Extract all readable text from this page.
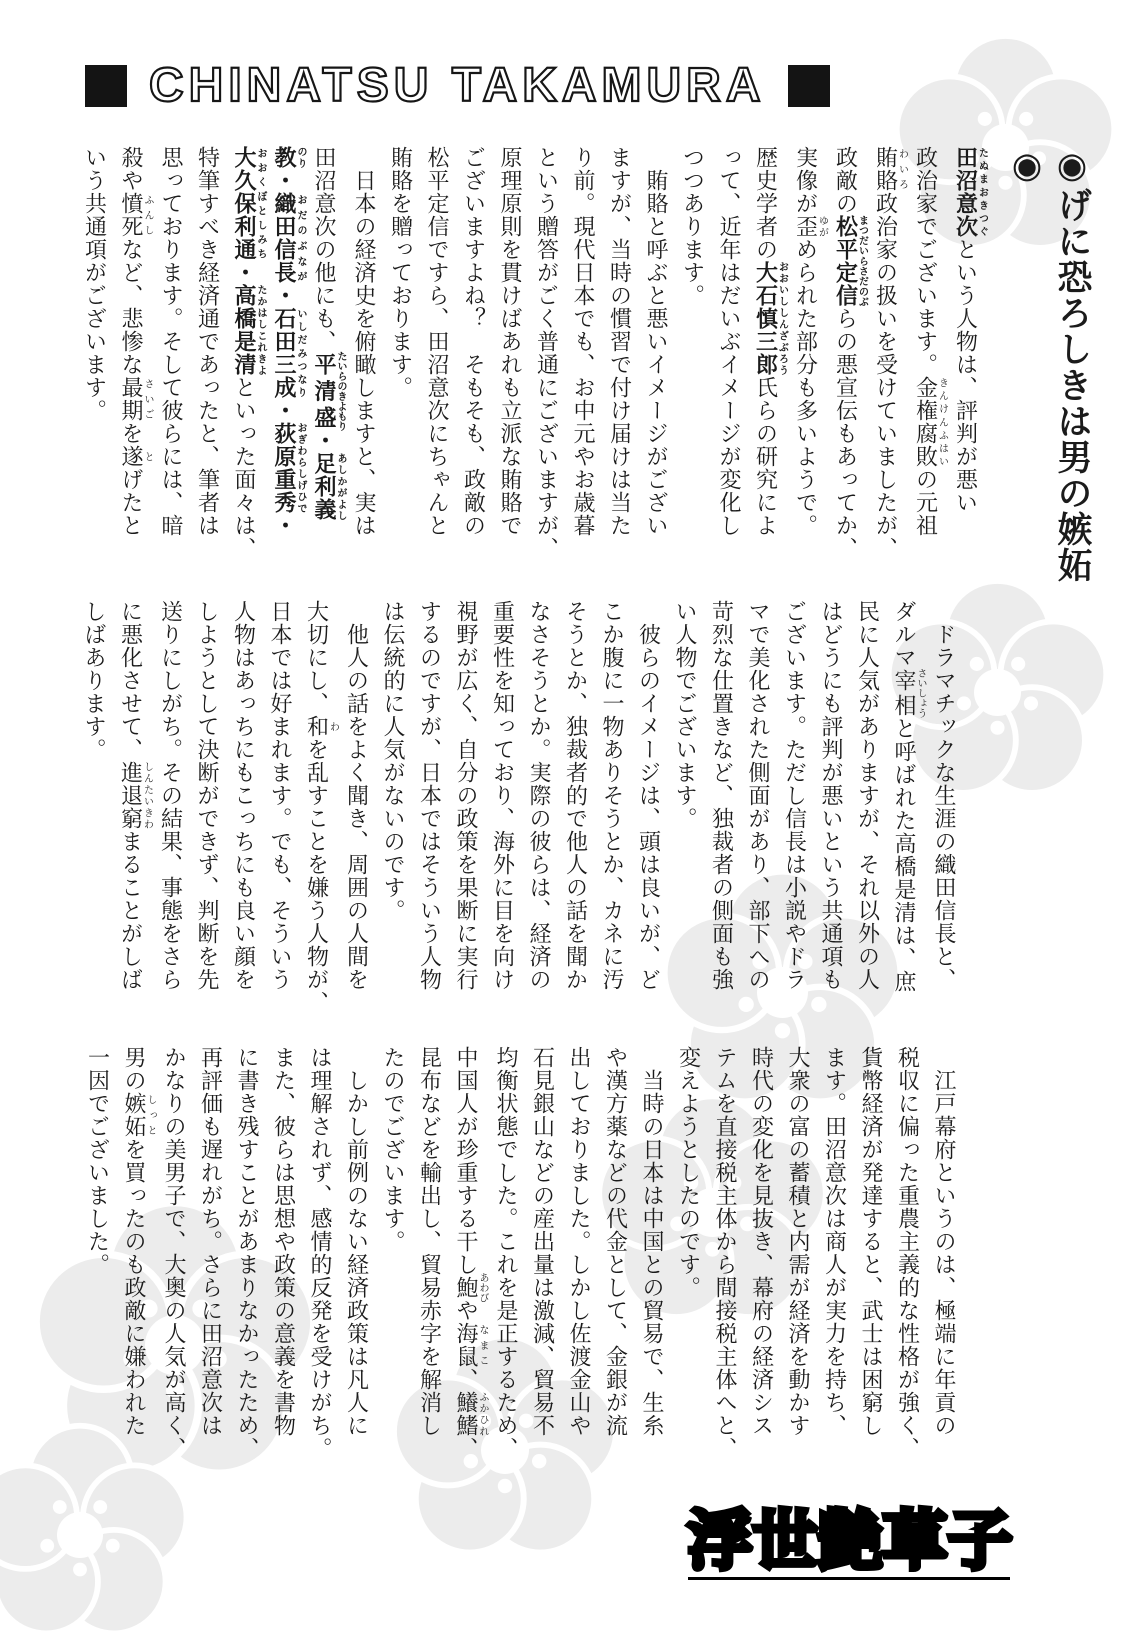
CHINATSU TAKAMURA
◉げに恐ろしきは男の嫉妬◉
田沼意次たぬまおきつぐという人物は、評判が悪い
政治家でございます。金権腐敗きんけんふはいの元祖
賄賂わいろ政治家の扱いを受けていましたが、
政敵の松平定信まつだいらさだのぶらの悪宣伝もあってか、
実像が歪ゆがめられた部分も多いようで。
歴史学者の大石慎三郎おおいししんざぶろう氏らの研究によ
って、近年はだいぶイメージが変化し
つつあります。
　賄賂と呼ぶと悪いイメージがござい
ますが、当時の慣習で付け届けは当た
り前。現代日本でも、お中元やお歳暮
という贈答がごく普通にございますが、
原理原則を貫けばあれも立派な賄賂で
ございますよね？　そもそも、政敵の
松平定信ですら、田沼意次にちゃんと
賄賂を贈っております。
　日本の経済史を俯瞰しますと、実は
田沼意次の他にも、平清盛たいらのきよもり・足利義あしかがよし
教のり・織田信長おだのぶなが・石田三成いしだみつなり・荻原重秀おぎわらしげひで・
大久保利通おおくぼとしみち・高橋是清たかはしこれきよといった面々は、
特筆すべき経済通であったと、筆者は
思っております。そして彼らには、暗
殺や憤死ふんしなど、悲惨な最期さいごを遂とげたと
いう共通項がございます。
　ドラマチックな生涯の織田信長と、
ダルマ宰相さいしょうと呼ばれた高橋是清は、庶
民に人気がありますが、それ以外の人
はどうにも評判が悪いという共通項も
ございます。ただし信長は小説やドラ
マで美化された側面があり、部下への
苛烈な仕置きなど、独裁者の側面も強
い人物でございます。
　彼らのイメージは、頭は良いが、ど
こか腹に一物ありそうとか、カネに汚
そうとか、独裁者的で他人の話を聞か
なさそうとか。実際の彼らは、経済の
重要性を知っており、海外に目を向け
視野が広く、自分の政策を果断に実行
するのですが、日本ではそういう人物
は伝統的に人気がないのです。
　他人の話をよく聞き、周囲の人間を
大切にし、和わを乱すことを嫌う人物が、
日本では好まれます。でも、そういう
人物はあっちにもこっちにも良い顔を
しようとして決断ができず、判断を先
送りにしがち。その結果、事態をさら
に悪化させて、進退窮しんたいきわまることがしば
しばあります。
　江戸幕府というのは、極端に年貢の
税収に偏った重農主義的な性格が強く、
貨幣経済が発達すると、武士は困窮し
ます。田沼意次は商人が実力を持ち、
大衆の富の蓄積と内需が経済を動かす
時代の変化を見抜き、幕府の経済シス
テムを直接税主体から間接税主体へと、
変えようとしたのです。
　当時の日本は中国との貿易で、生糸
や漢方薬などの代金として、金銀が流
出しておりました。しかし佐渡金山や
石見銀山などの産出量は激減、貿易不
均衡状態でした。これを是正するため、
中国人が珍重する干し鮑あわびや海鼠なまこ、鱶鰭ふかひれ、
昆布などを輸出し、貿易赤字を解消し
たのでございます。
　しかし前例のない経済政策は凡人に
は理解されず、感情的反発を受けがち。
また、彼らは思想や政策の意義を書物
に書き残すことがあまりなかったため、
再評価も遅れがち。さらに田沼意次は
かなりの美男子で、大奥の人気が高く、
男の嫉妬しっとを買ったのも政敵に嫌われた
一因でございました。
浮世艶草子
